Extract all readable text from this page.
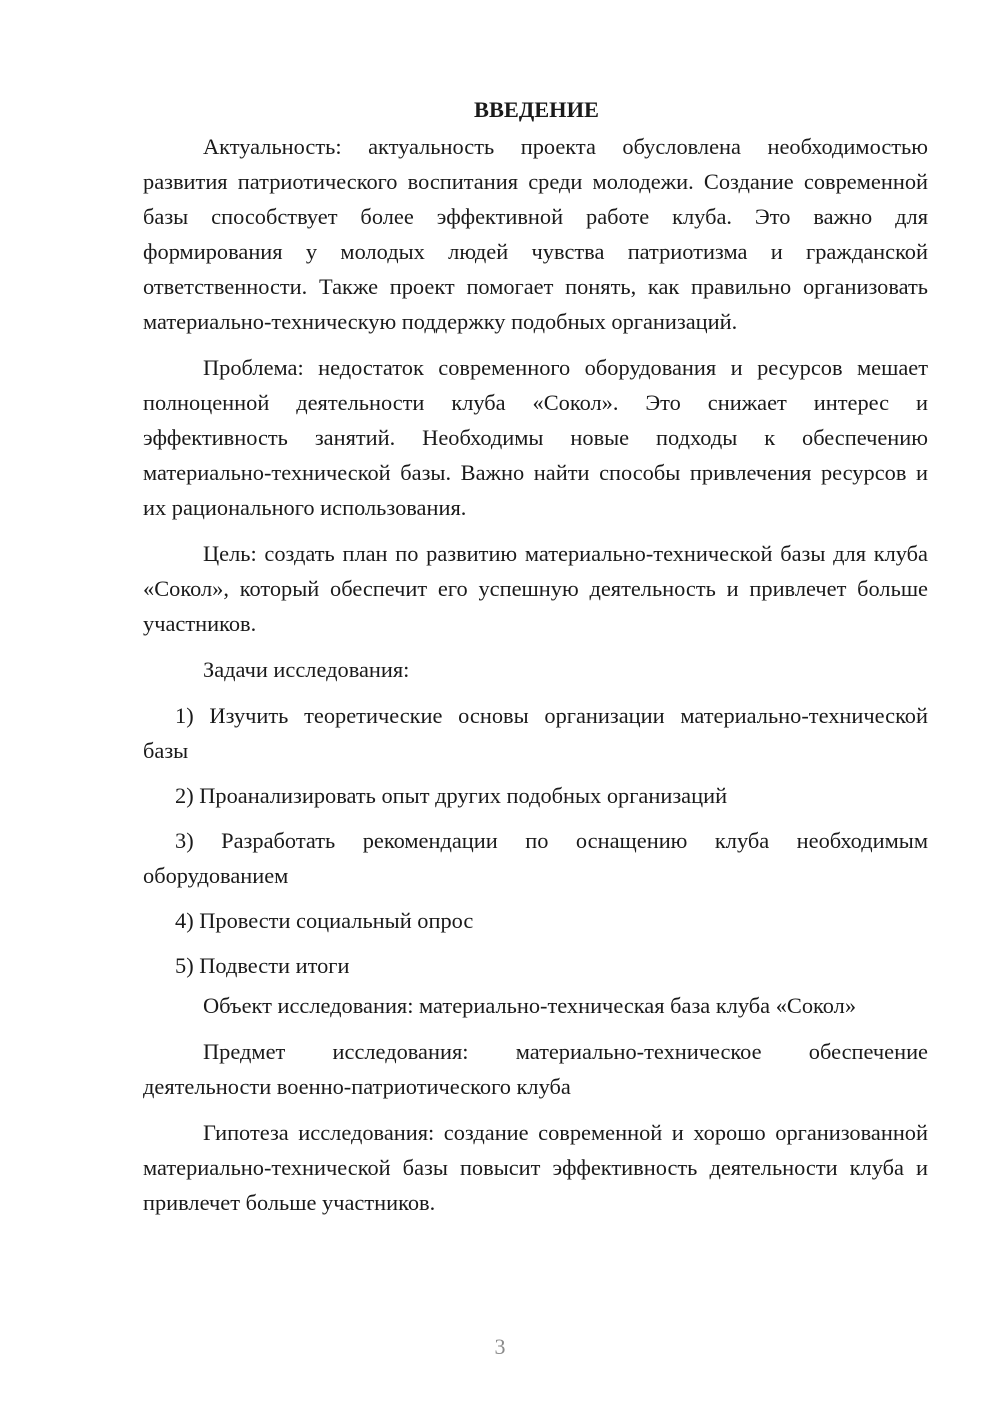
ВВЕДЕНИЕ

Актуальность: актуальность проекта обусловлена необходимостью развития патриотического воспитания среди молодежи. Создание современной базы способствует более эффективной работе клуба. Это важно для формирования у молодых людей чувства патриотизма и гражданской ответственности. Также проект помогает понять, как правильно организовать материально-техническую поддержку подобных организаций.

Проблема: недостаток современного оборудования и ресурсов мешает полноценной деятельности клуба «Сокол». Это снижает интерес и эффективность занятий. Необходимы новые подходы к обеспечению материально-технической базы. Важно найти способы привлечения ресурсов и их рационального использования.

Цель: создать план по развитию материально-технической базы для клуба «Сокол», который обеспечит его успешную деятельность и привлечет больше участников.

Задачи исследования:

1) Изучить теоретические основы организации материально-технической базы

2) Проанализировать опыт других подобных организаций

3) Разработать рекомендации по оснащению клуба необходимым оборудованием

4) Провести социальный опрос

5) Подвести итоги

Объект исследования: материально-техническая база клуба «Сокол»

Предмет исследования: материально-техническое обеспечение деятельности военно-патриотического клуба

Гипотеза исследования: создание современной и хорошо организованной материально-технической базы повысит эффективность деятельности клуба и привлечет больше участников.

3
